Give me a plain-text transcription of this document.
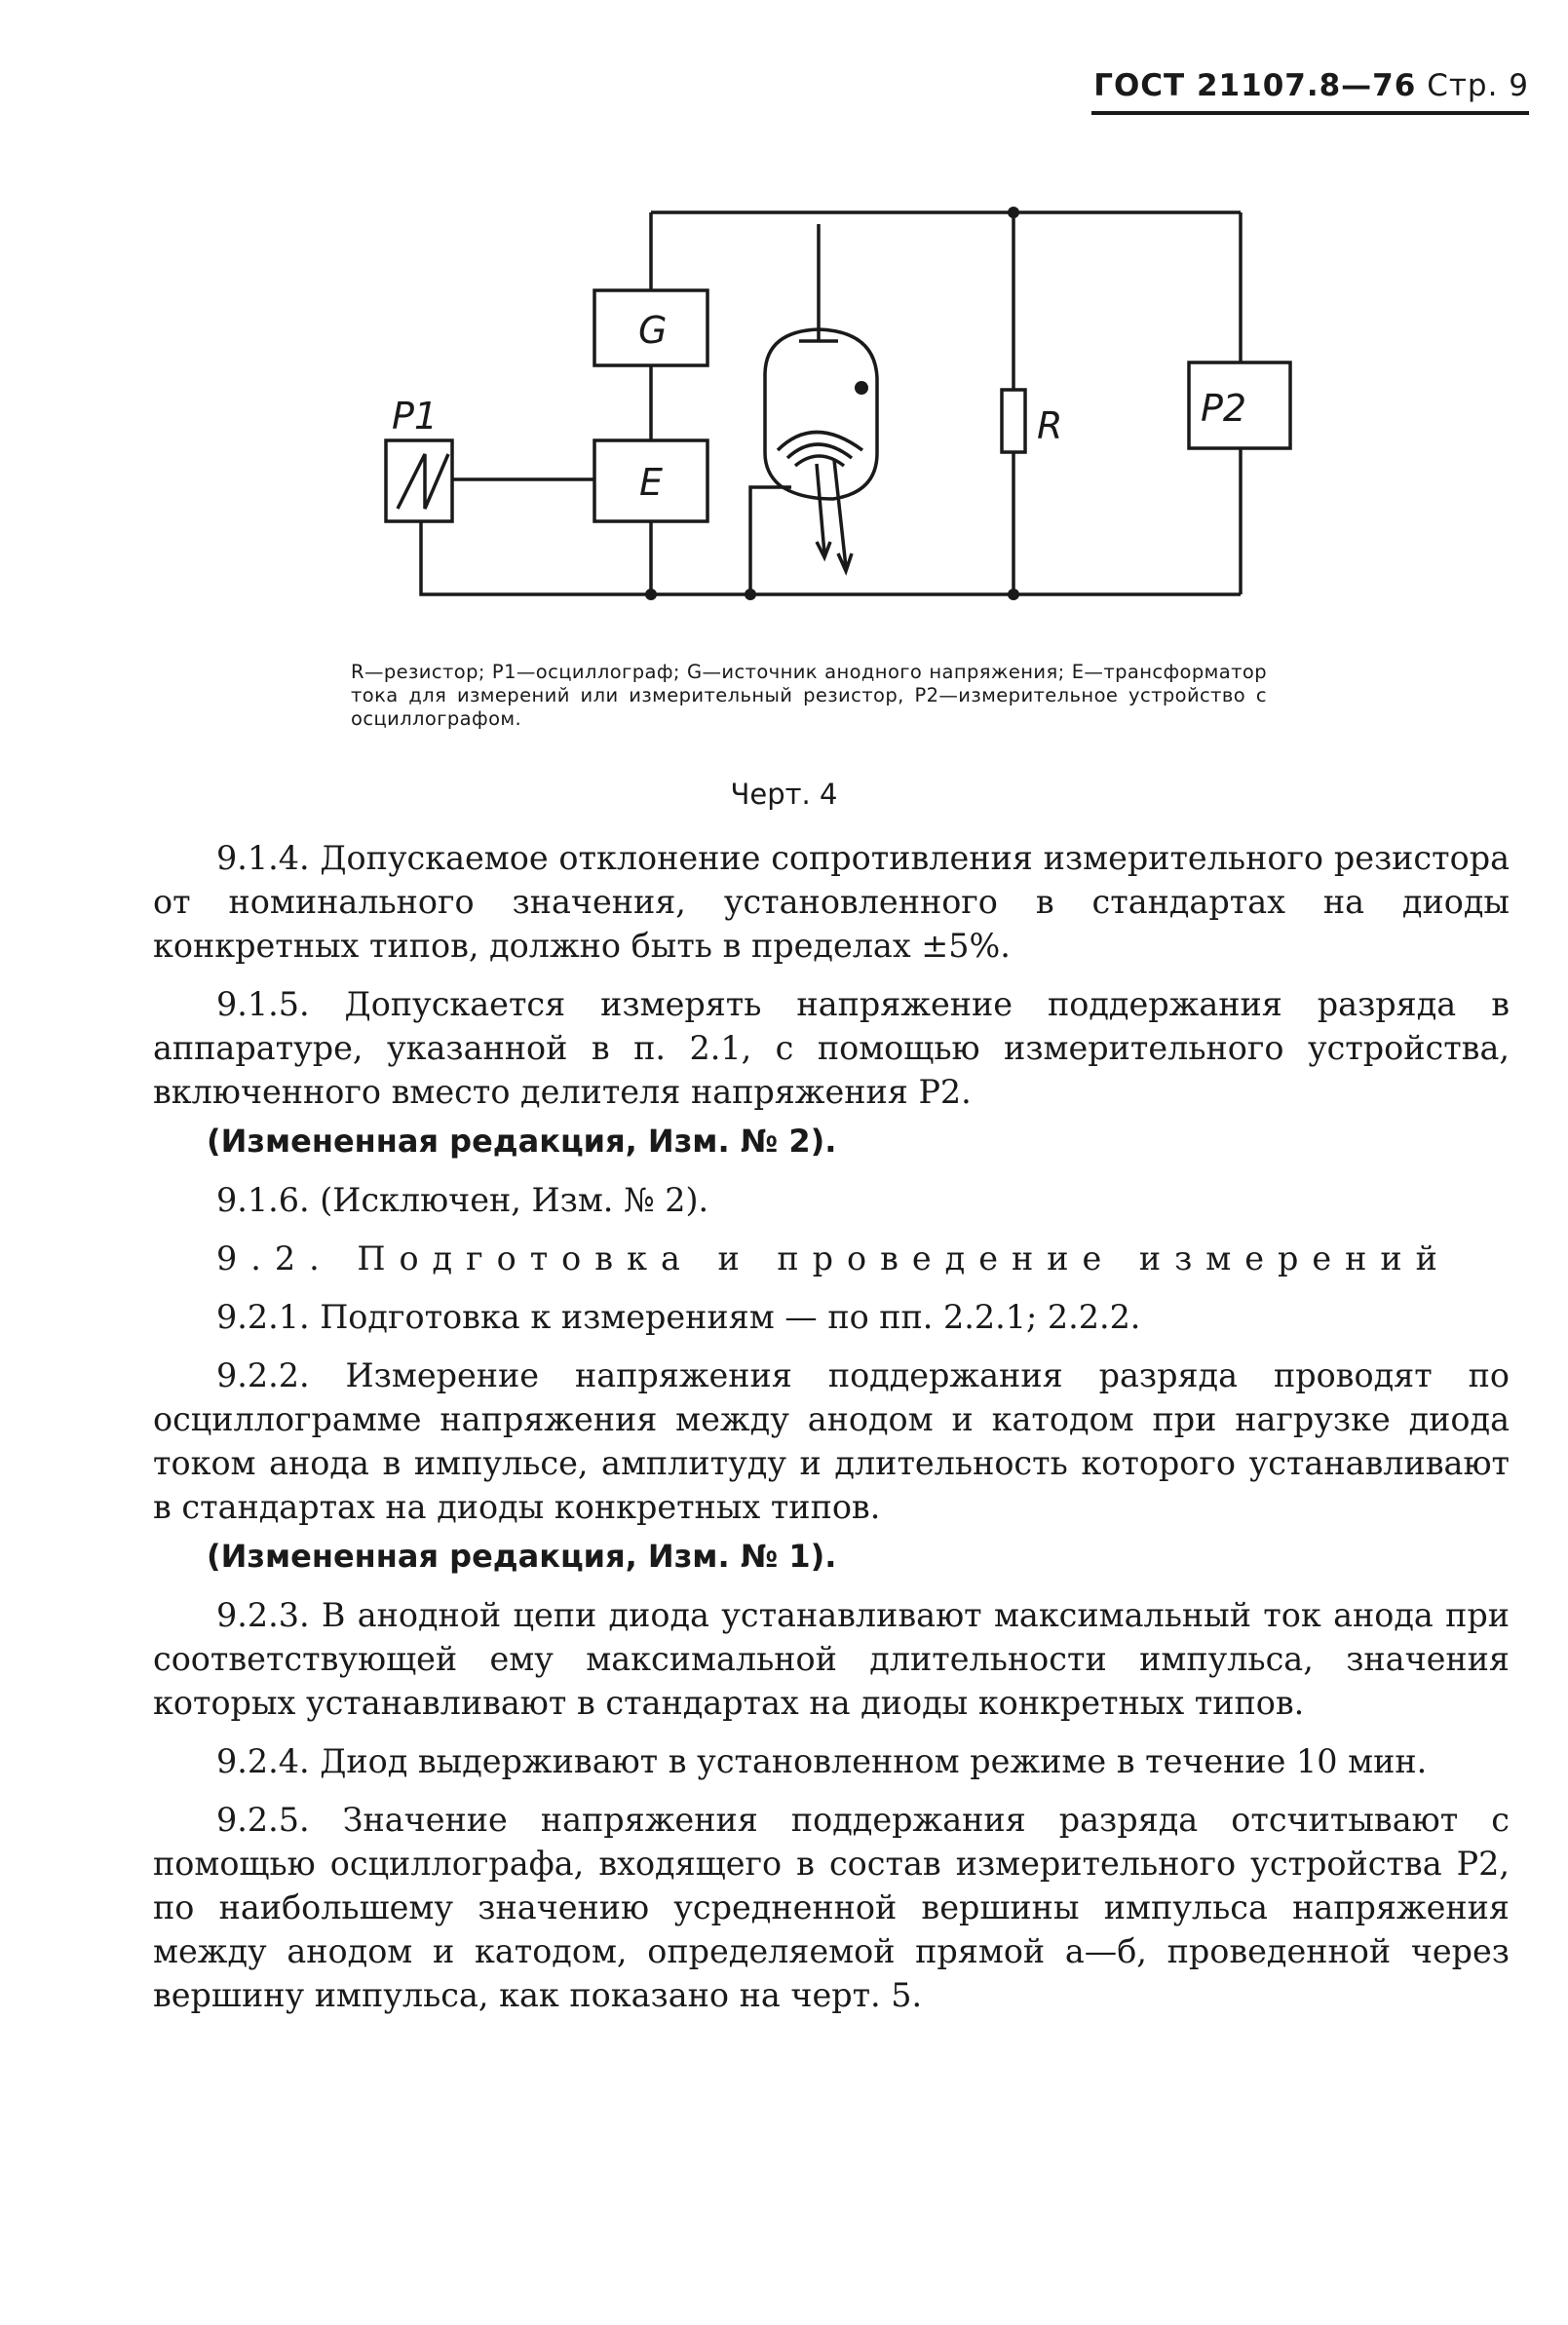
ГОСТ 21107.8—76 Стр. 9
G
E
P1	R	P2
R—резистор; P1—осциллограф; G—источник анодного напряжения; E—трансформатор тока для измерений или измерительный резистор, P2—измерительное устройство с осциллографом.
Черт. 4

9.1.4. Допускаемое отклонение сопротивления измерительного резистора от номинального значения, установленного в стандартах на диоды конкретных типов, должно быть в пределах ±5%.

9.1.5. Допускается измерять напряжение поддержания разряда в аппаратуре, указанной в п. 2.1, с помощью измерительного устройства, включенного вместо делителя напряжения Р2.

(Измененная редакция, Изм. № 2).

9.1.6. (Исключен, Изм. № 2).

9.2. Подготовка и проведение измерений

9.2.1. Подготовка к измерениям — по пп. 2.2.1; 2.2.2.

9.2.2. Измерение напряжения поддержания разряда проводят по осциллограмме напряжения между анодом и катодом при нагрузке диода током анода в импульсе, амплитуду и длительность которого устанавливают в стандартах на диоды конкретных типов.

(Измененная редакция, Изм. № 1).

9.2.3. В анодной цепи диода устанавливают максимальный ток анода при соответствующей ему максимальной длительности импульса, значения которых устанавливают в стандартах на диоды конкретных типов.

9.2.4. Диод выдерживают в установленном режиме в течение 10 мин.

9.2.5. Значение напряжения поддержания разряда отсчитывают с помощью осциллографа, входящего в состав измерительного устройства Р2, по наибольшему значению усредненной вершины импульса напряжения между анодом и катодом, определяемой прямой а—б, проведенной через вершину импульса, как показано на черт. 5.
